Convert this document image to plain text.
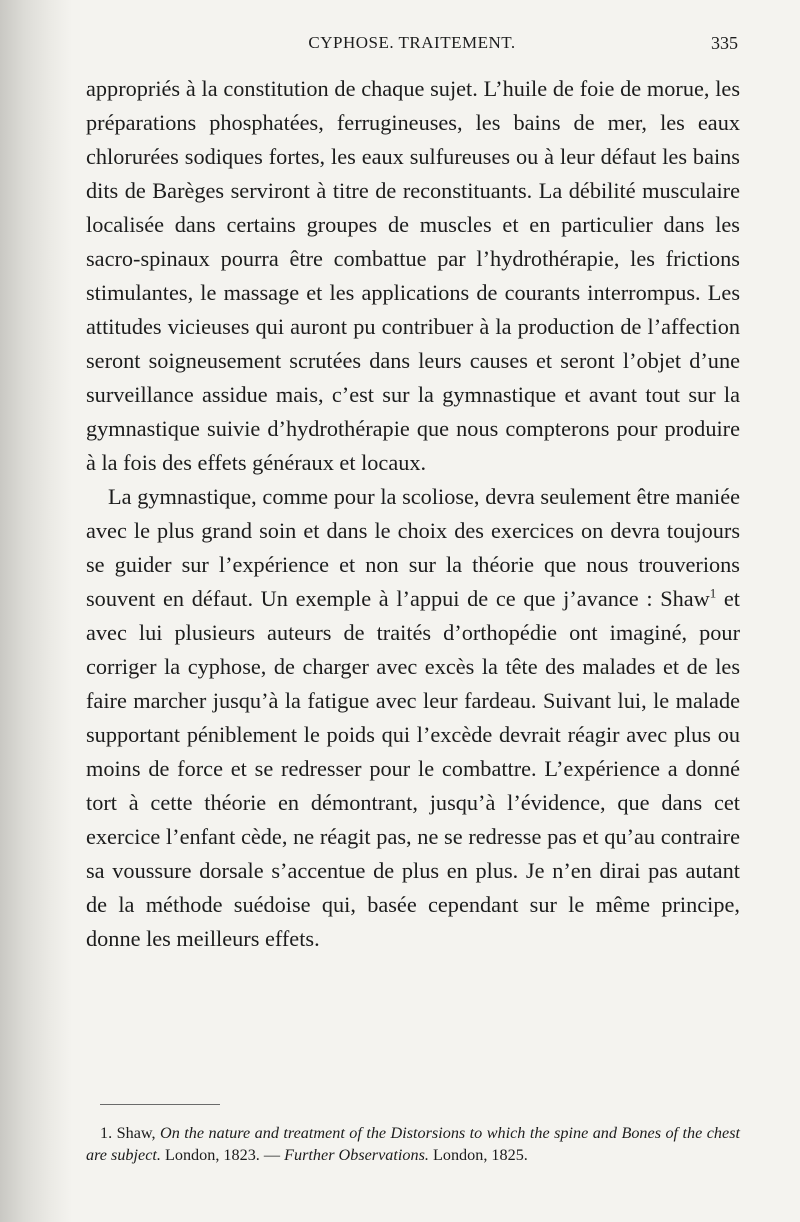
CYPHOSE. TRAITEMENT.	335

appropriés à la constitution de chaque sujet. L’huile de foie de morue, les préparations phosphatées, ferrugineuses, les bains de mer, les eaux chlorurées sodiques fortes, les eaux sulfureuses ou à leur défaut les bains dits de Barèges serviront à titre de reconstituants. La débilité musculaire localisée dans certains groupes de muscles et en particulier dans les sacro-spinaux pourra être combattue par l’hydrothérapie, les frictions stimulantes, le massage et les applications de courants interrompus. Les attitudes vicieuses qui auront pu contribuer à la production de l’affection seront soigneusement scrutées dans leurs causes et seront l’objet d’une surveillance assidue mais, c’est sur la gymnastique et avant tout sur la gymnastique suivie d’hydrothérapie que nous compterons pour produire à la fois des effets généraux et locaux.

La gymnastique, comme pour la scoliose, devra seulement être maniée avec le plus grand soin et dans le choix des exercices on devra toujours se guider sur l’expérience et non sur la théorie que nous trouverions souvent en défaut. Un exemple à l’appui de ce que j’avance : Shaw$^1$ et avec lui plusieurs auteurs de traités d’orthopédie ont imaginé, pour corriger la cyphose, de charger avec excès la tête des malades et de les faire marcher jusqu’à la fatigue avec leur fardeau. Suivant lui, le malade supportant péniblement le poids qui l’excède devrait réagir avec plus ou moins de force et se redresser pour le combattre. L’expérience a donné tort à cette théorie en démontrant, jusqu’à l’évidence, que dans cet exercice l’enfant cède, ne réagit pas, ne se redresse pas et qu’au contraire sa voussure dorsale s’accentue de plus en plus. Je n’en dirai pas autant de la méthode suédoise qui, basée cependant sur le même principe, donne les meilleurs effets.

1. Shaw, On the nature and treatment of the Distorsions to which the spine and Bones of the chest are subject. London, 1823. — Further Observations. London, 1825.
